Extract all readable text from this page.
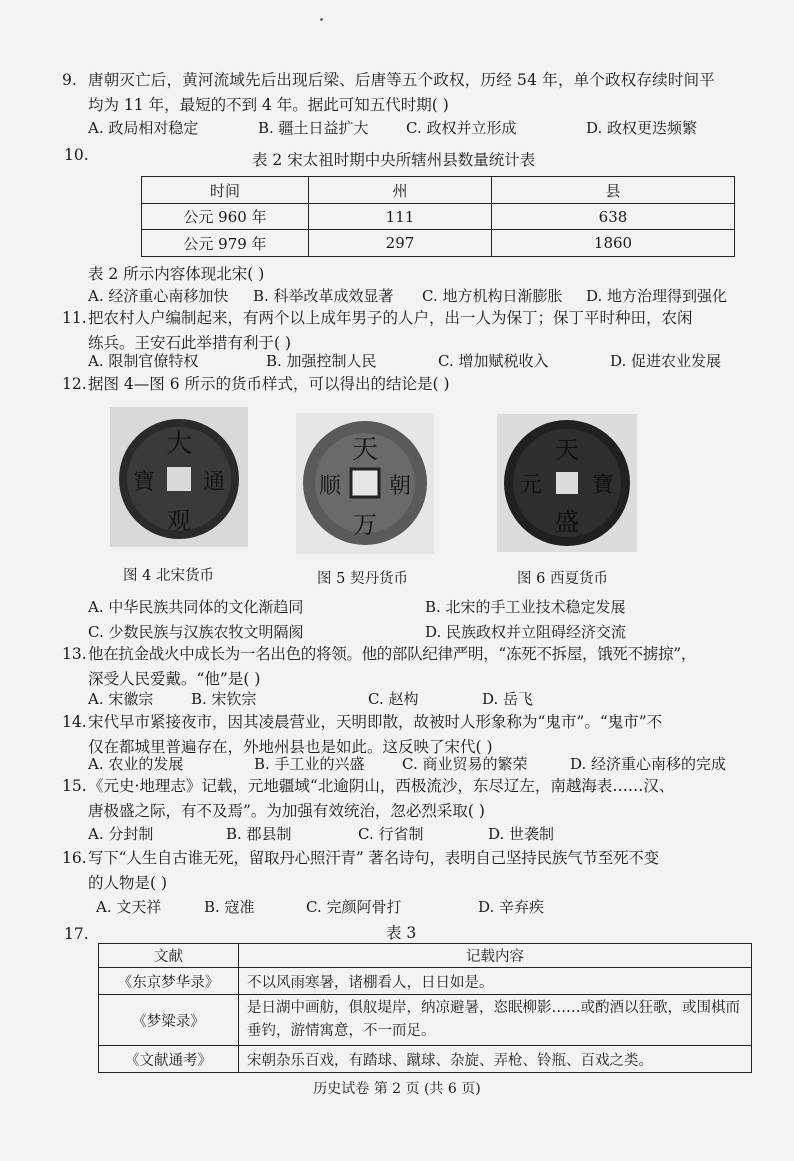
9. 唐朝灭亡后，黄河流域先后出现后梁、后唐等五个政权，历经 54 年，单个政权存续时间平
均为 11 年，最短的不到 4 年。据此可知五代时期( )
A. 政局相对稳定	B. 疆土日益扩大 C. 政权并立形成	D. 政权更迭频繁
10.	表 2 宋太祖时期中央所辖州县数量统计表
时间	州	县
公元 960 年	111	638
公元 979 年	297	1860
表 2 所示内容体现北宋( )
A. 经济重心南移加快 B. 科举改革成效显著 C. 地方机构日渐膨胀 D. 地方治理得到强化
11. 把农村人户编制起来，有两个以上成年男子的人户，出一人为保丁；保丁平时种田，农闲
练兵。王安石此举措有利于( )
A. 限制官僚特权	B. 加强控制人民	C. 增加赋税收入	D. 促进农业发展
12. 据图 4—图 6 所示的货币样式，可以得出的结论是( )
大
通
观
寶
天
朝
万
顺
天
寶
盛
元
图 4 北宋货币	图 5 契丹货币	图 6 西夏货币
A. 中华民族共同体的文化渐趋同	B. 北宋的手工业技术稳定发展
C. 少数民族与汉族农牧文明隔阂	D. 民族政权并立阻碍经济交流
13. 他在抗金战火中成长为一名出色的将领。他的部队纪律严明，“冻死不拆屋，饿死不掳掠”，
深受人民爱戴。“他”是( )
A. 宋徽宗	B. 宋钦宗	C. 赵构	D. 岳飞
14. 宋代早市紧接夜市，因其凌晨营业，天明即散，故被时人形象称为“鬼市”。“鬼市”不
仅在都城里普遍存在，外地州县也是如此。这反映了宋代( )
A. 农业的发展	B. 手工业的兴盛 C. 商业贸易的繁荣	D. 经济重心南移的完成
15. 《元史·地理志》记载，元地疆域“北逾阴山，西极流沙，东尽辽左，南越海表……汉、
唐极盛之际，有不及焉”。为加强有效统治，忽必烈采取( )
A. 分封制	B. 郡县制	C. 行省制	D. 世袭制
16. 写下“人生自古谁无死，留取丹心照汗青” 著名诗句，表明自己坚持民族气节至死不变
的人物是( )
A. 文天祥	B. 寇准	C. 完颜阿骨打	D. 辛弃疾
17.	表 3
文献	记载内容
《东京梦华录》	不以风雨寒暑，诸棚看人，日日如是。
《梦粱录》	是日湖中画舫，俱舣堤岸，纳凉避暑，恣眠柳影……或酌酒以狂歌，或围棋而垂钓，游情寓意，不一而足。
《文献通考》	宋朝杂乐百戏，有踏球、蹴球、杂旋、弄枪、铃瓶、百戏之类。
历史试卷 第 2 页 (共 6 页)
